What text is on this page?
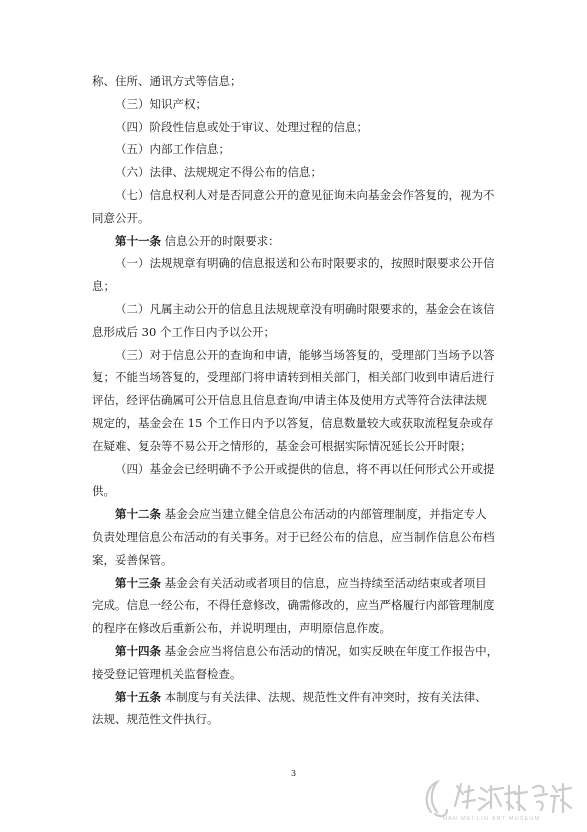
称、住所、通讯方式等信息；

（三）知识产权；

（四）阶段性信息或处于审议、处理过程的信息；

（五）内部工作信息；

（六）法律、法规规定不得公布的信息；

（七）信息权利人对是否同意公开的意见征询未向基金会作答复的，视为不

同意公开。

第十一条 信息公开的时限要求：

（一）法规规章有明确的信息报送和公布时限要求的，按照时限要求公开信

息；

（二）凡属主动公开的信息且法规规章没有明确时限要求的，基金会在该信

息形成后 30 个工作日内予以公开；

（三）对于信息公开的查询和申请，能够当场答复的，受理部门当场予以答

复；不能当场答复的，受理部门将申请转到相关部门，相关部门收到申请后进行

评估，经评估确属可公开信息且信息查询/申请主体及使用方式等符合法律法规

规定的，基金会在 15 个工作日内予以答复，信息数量较大或获取流程复杂或存

在疑难、复杂等不易公开之情形的，基金会可根据实际情况延长公开时限；

（四）基金会已经明确不予公开或提供的信息，将不再以任何形式公开或提

供。

第十二条 基金会应当建立健全信息公布活动的内部管理制度，并指定专人

负责处理信息公布活动的有关事务。对于已经公布的信息，应当制作信息公布档

案，妥善保管。

第十三条 基金会有关活动或者项目的信息，应当持续至活动结束或者项目

完成。信息一经公布，不得任意修改，确需修改的，应当严格履行内部管理制度

的程序在修改后重新公布，并说明理由，声明原信息作废。

第十四条 基金会应当将信息公布活动的情况，如实反映在年度工作报告中，

接受登记管理机关监督检查。

第十五条 本制度与有关法律、法规、规范性文件有冲突时，按有关法律、

法规、规范性文件执行。

3
HAN MEI LIN ART MUSEUM
